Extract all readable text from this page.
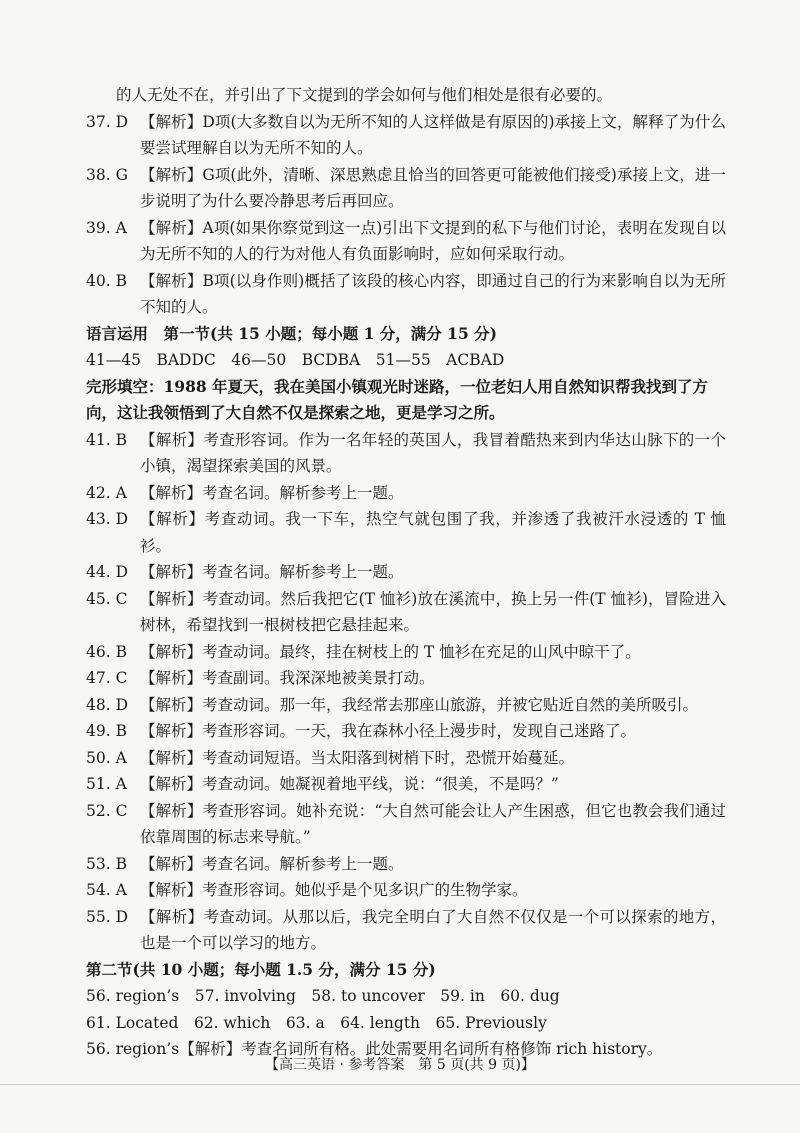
的人无处不在，并引出了下文提到的学会如何与他们相处是很有必要的。
37. D 【解析】D项(大多数自以为无所不知的人这样做是有原因的)承接上文，解释了为什么要尝试理解自以为无所不知的人。
38. G 【解析】G项(此外，清晰、深思熟虑且恰当的回答更可能被他们接受)承接上文，进一步说明了为什么要冷静思考后再回应。
39. A 【解析】A项(如果你察觉到这一点)引出下文提到的私下与他们讨论，表明在发现自以为无所不知的人的行为对他人有负面影响时，应如何采取行动。
40. B 【解析】B项(以身作则)概括了该段的核心内容，即通过自己的行为来影响自以为无所不知的人。
语言运用　第一节(共 15 小题；每小题 1 分，满分 15 分)
41—45　BADDC　46—50　BCDBA　51—55　ACBAD
完形填空：1988 年夏天，我在美国小镇观光时迷路，一位老妇人用自然知识帮我找到了方向，这让我领悟到了大自然不仅是探索之地，更是学习之所。
41. B 【解析】考查形容词。作为一名年轻的英国人，我冒着酷热来到内华达山脉下的一个小镇，渴望探索美国的风景。
42. A 【解析】考查名词。解析参考上一题。
43. D 【解析】考查动词。我一下车，热空气就包围了我，并渗透了我被汗水浸透的 T 恤衫。
44. D 【解析】考查名词。解析参考上一题。
45. C 【解析】考查动词。然后我把它(T 恤衫)放在溪流中，换上另一件(T 恤衫)，冒险进入树林，希望找到一根树枝把它悬挂起来。
46. B 【解析】考查动词。最终，挂在树枝上的 T 恤衫在充足的山风中晾干了。
47. C 【解析】考查副词。我深深地被美景打动。
48. D 【解析】考查动词。那一年，我经常去那座山旅游，并被它贴近自然的美所吸引。
49. B 【解析】考查形容词。一天，我在森林小径上漫步时，发现自己迷路了。
50. A 【解析】考查动词短语。当太阳落到树梢下时，恐慌开始蔓延。
51. A 【解析】考查动词。她凝视着地平线，说：“很美，不是吗？”
52. C 【解析】考查形容词。她补充说：“大自然可能会让人产生困惑，但它也教会我们通过依靠周围的标志来导航。”
53. B 【解析】考查名词。解析参考上一题。
54. A 【解析】考查形容词。她似乎是个见多识广的生物学家。
55. D 【解析】考查动词。从那以后，我完全明白了大自然不仅仅是一个可以探索的地方，也是一个可以学习的地方。
第二节(共 10 小题；每小题 1.5 分，满分 15 分)
56. region’s　57. involving　58. to uncover　59. in　60. dug
61. Located　62. which　63. a　64. length　65. Previously
56. region’s 【解析】考查名词所有格。此处需要用名词所有格修饰 rich history。
【高三英语 · 参考答案　第 5 页(共 9 页)】
